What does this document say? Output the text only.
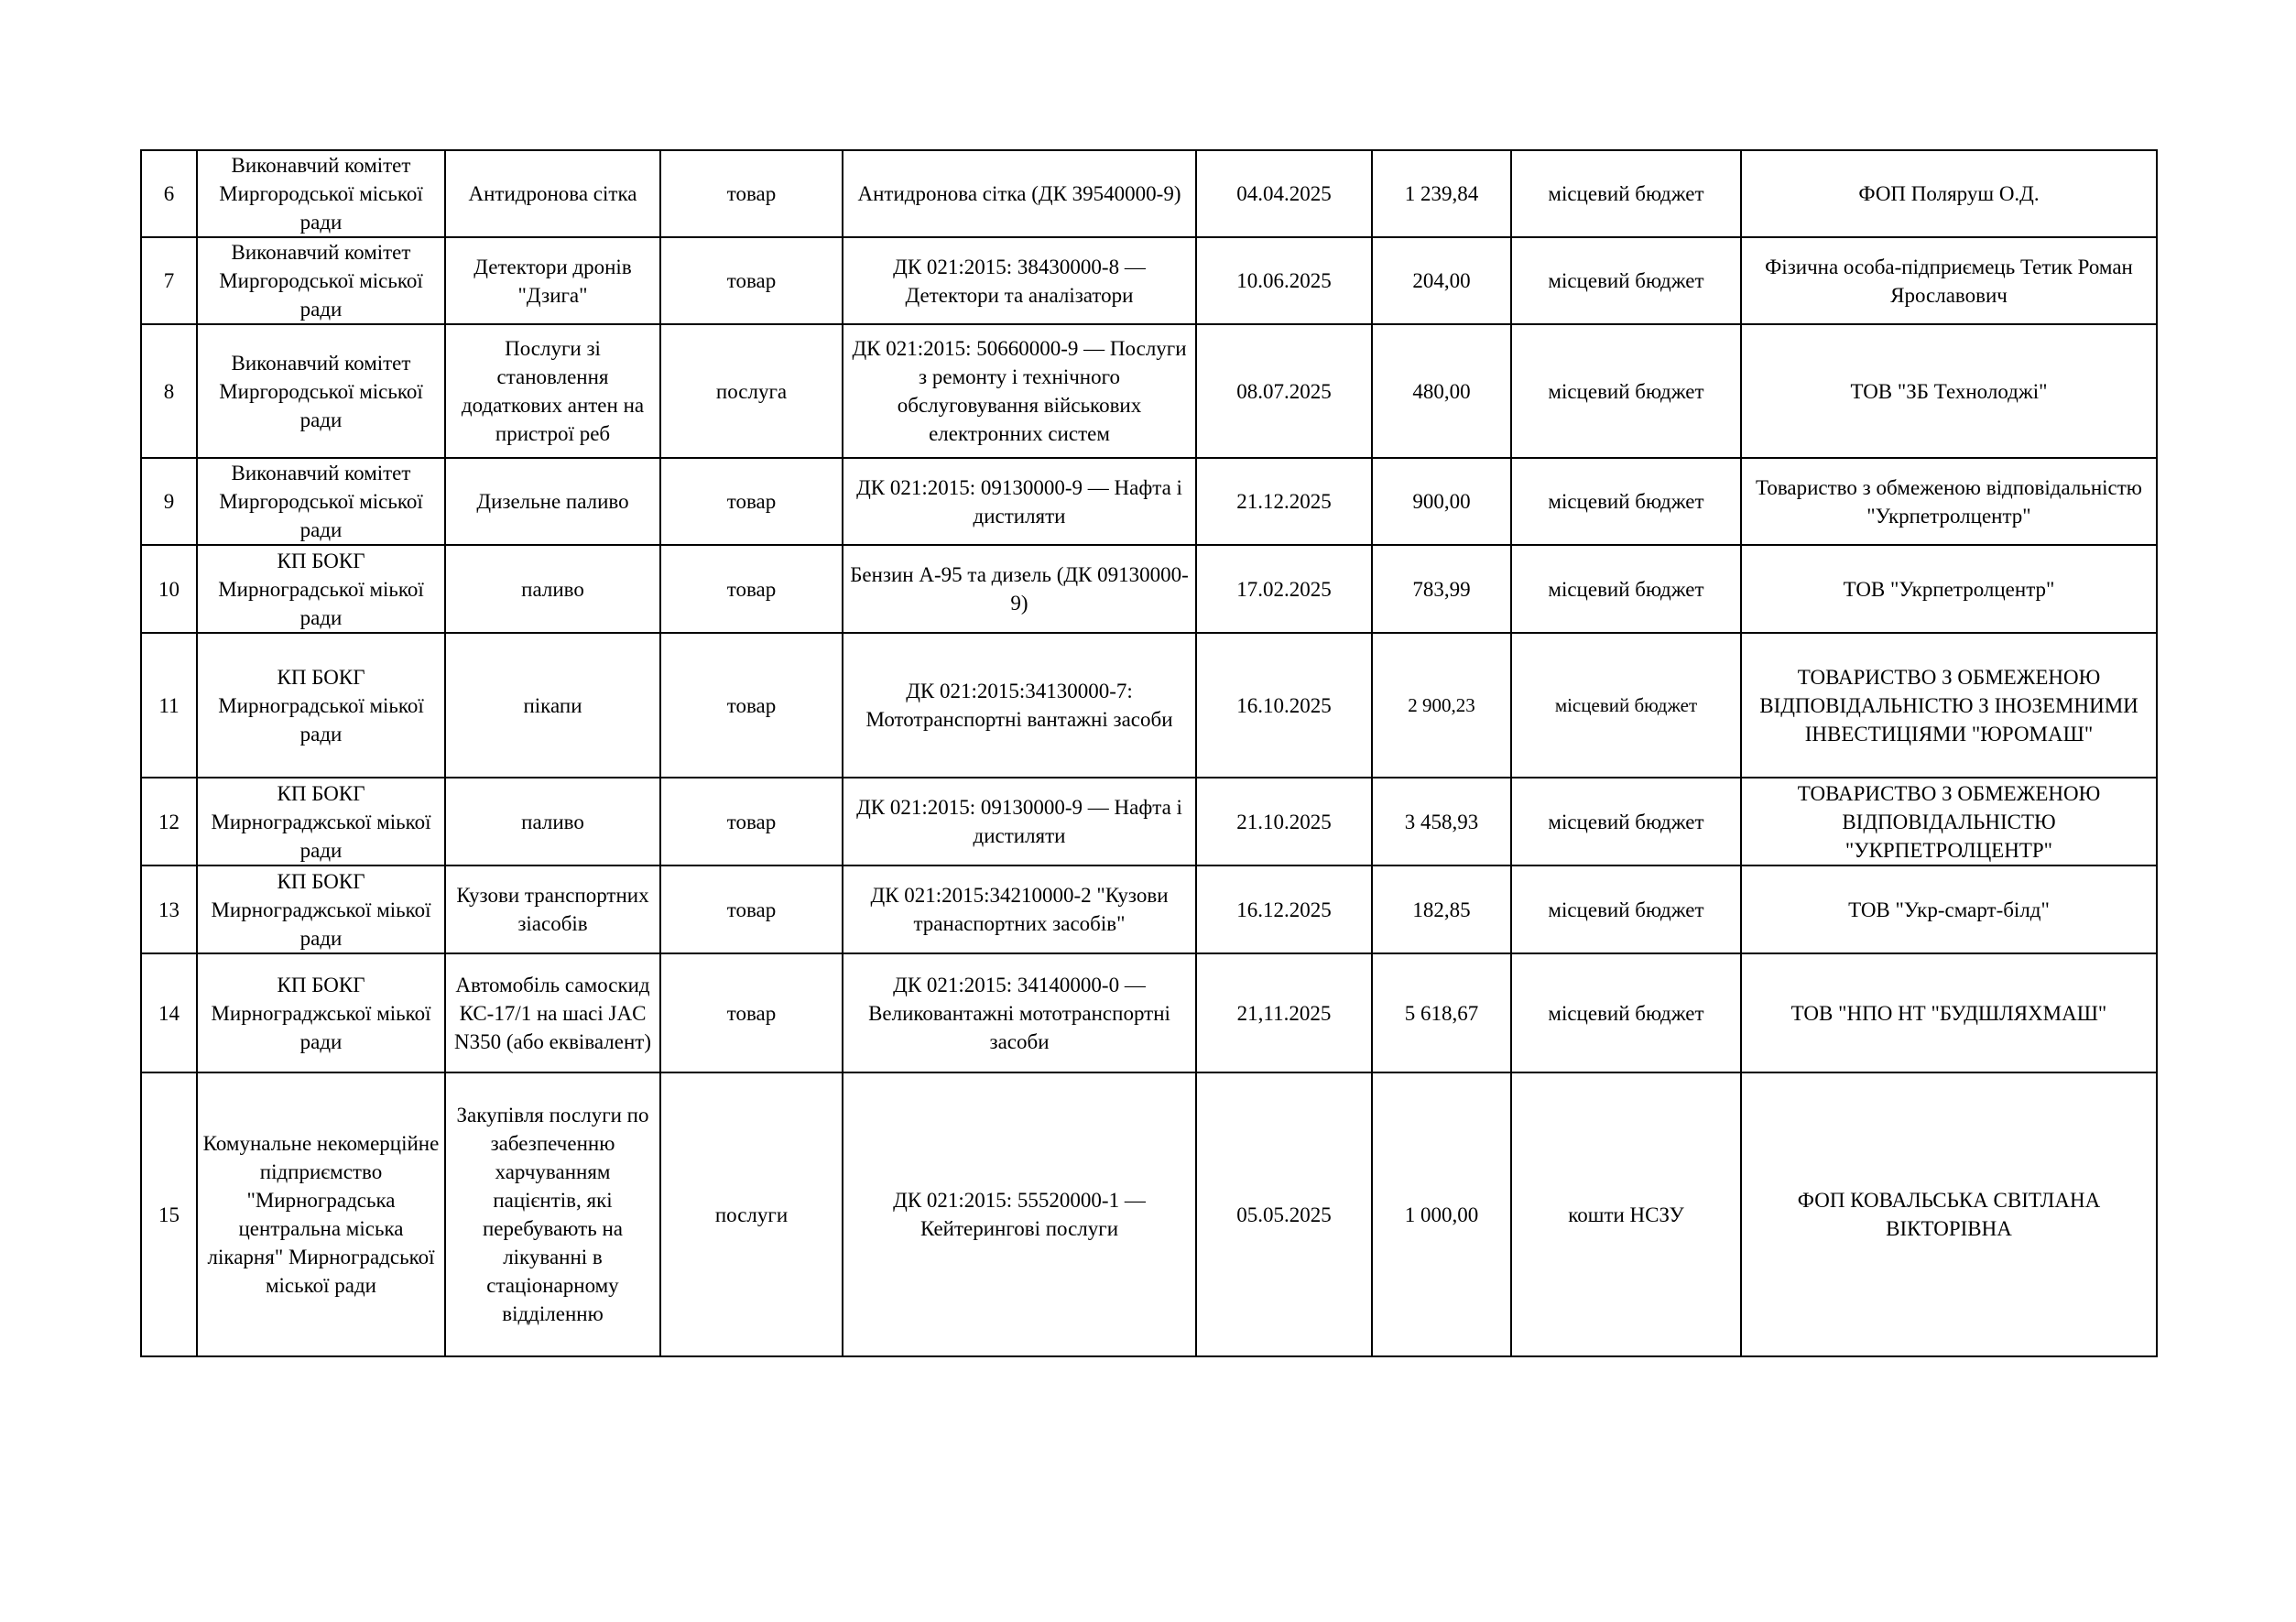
6	Виконавчий комітет Миргородської міської ради	Антидронова сітка	товар	Антидронова сітка (ДК 39540000-9)	04.04.2025	1 239,84	місцевий бюджет	ФОП Поляруш О.Д.
7	Виконавчий комітет Миргородської міської ради	Детектори дронів "Дзига"	товар	ДК 021:2015: 38430000-8 — Детектори та аналізатори	10.06.2025	204,00	місцевий бюджет	Фізична особа-підприємець Тетик Роман Ярославович
8	Виконавчий комітет Миргородської міської ради	Послуги зі становлення додаткових антен на пристрої реб	послуга	ДК 021:2015: 50660000-9 — Послуги з ремонту і технічного обслуговування військових електронних систем	08.07.2025	480,00	місцевий бюджет	ТОВ "ЗБ Технолоджі"
9	Виконавчий комітет Миргородської міської ради	Дизельне паливо	товар	ДК 021:2015: 09130000-9 — Нафта і дистиляти	21.12.2025	900,00	місцевий бюджет	Товариство з обмеженою відповідальністю "Укрпетролцентр"
10	КП БОКГ Мирноградської міької ради	паливо	товар	Бензин А-95 та дизель (ДК 09130000-9)	17.02.2025	783,99	місцевий бюджет	ТОВ "Укрпетролцентр"
11	КП БОКГ Мирноградської міької ради	пікапи	товар	ДК 021:2015:34130000-7: Мототранспортні вантажні засоби	16.10.2025	2 900,23	місцевий бюджет	ТОВАРИСТВО З ОБМЕЖЕНОЮ ВІДПОВІДАЛЬНІСТЮ З ІНОЗЕМНИМИ ІНВЕСТИЦІЯМИ "ЮРОМАШ"
12	КП БОКГ Мирнограджської міької ради	паливо	товар	ДК 021:2015: 09130000-9 — Нафта і дистиляти	21.10.2025	3 458,93	місцевий бюджет	ТОВАРИСТВО З ОБМЕЖЕНОЮ ВІДПОВІДАЛЬНІСТЮ "УКРПЕТРОЛЦЕНТР"
13	КП БОКГ Мирнограджської міької ради	Кузови транспортних зіасобів	товар	ДК 021:2015:34210000-2 "Кузови транаспортних засобів"	16.12.2025	182,85	місцевий бюджет	ТОВ "Укр-смарт-білд"
14	КП БОКГ Мирнограджської міької ради	Автомобіль самоскид КС-17/1 на шасі JAC N350 (або еквівалент)	товар	ДК 021:2015: 34140000-0 — Великовантажні мототранспортні засоби	21,11.2025	5 618,67	місцевий бюджет	ТОВ "НПО НТ "БУДШЛЯХМАШ"
15	Комунальне некомерційне підприємство "Мирноградська центральна міська лікарня" Мирноградської міської ради	Закупівля послуги по забезпеченню харчуванням пацієнтів, які перебувають на лікуванні в стаціонарному відділенню	послуги	ДК 021:2015: 55520000-1 — Кейтерингові послуги	05.05.2025	1 000,00	кошти НСЗУ	ФОП КОВАЛЬСЬКА СВІТЛАНА ВІКТОРІВНА
